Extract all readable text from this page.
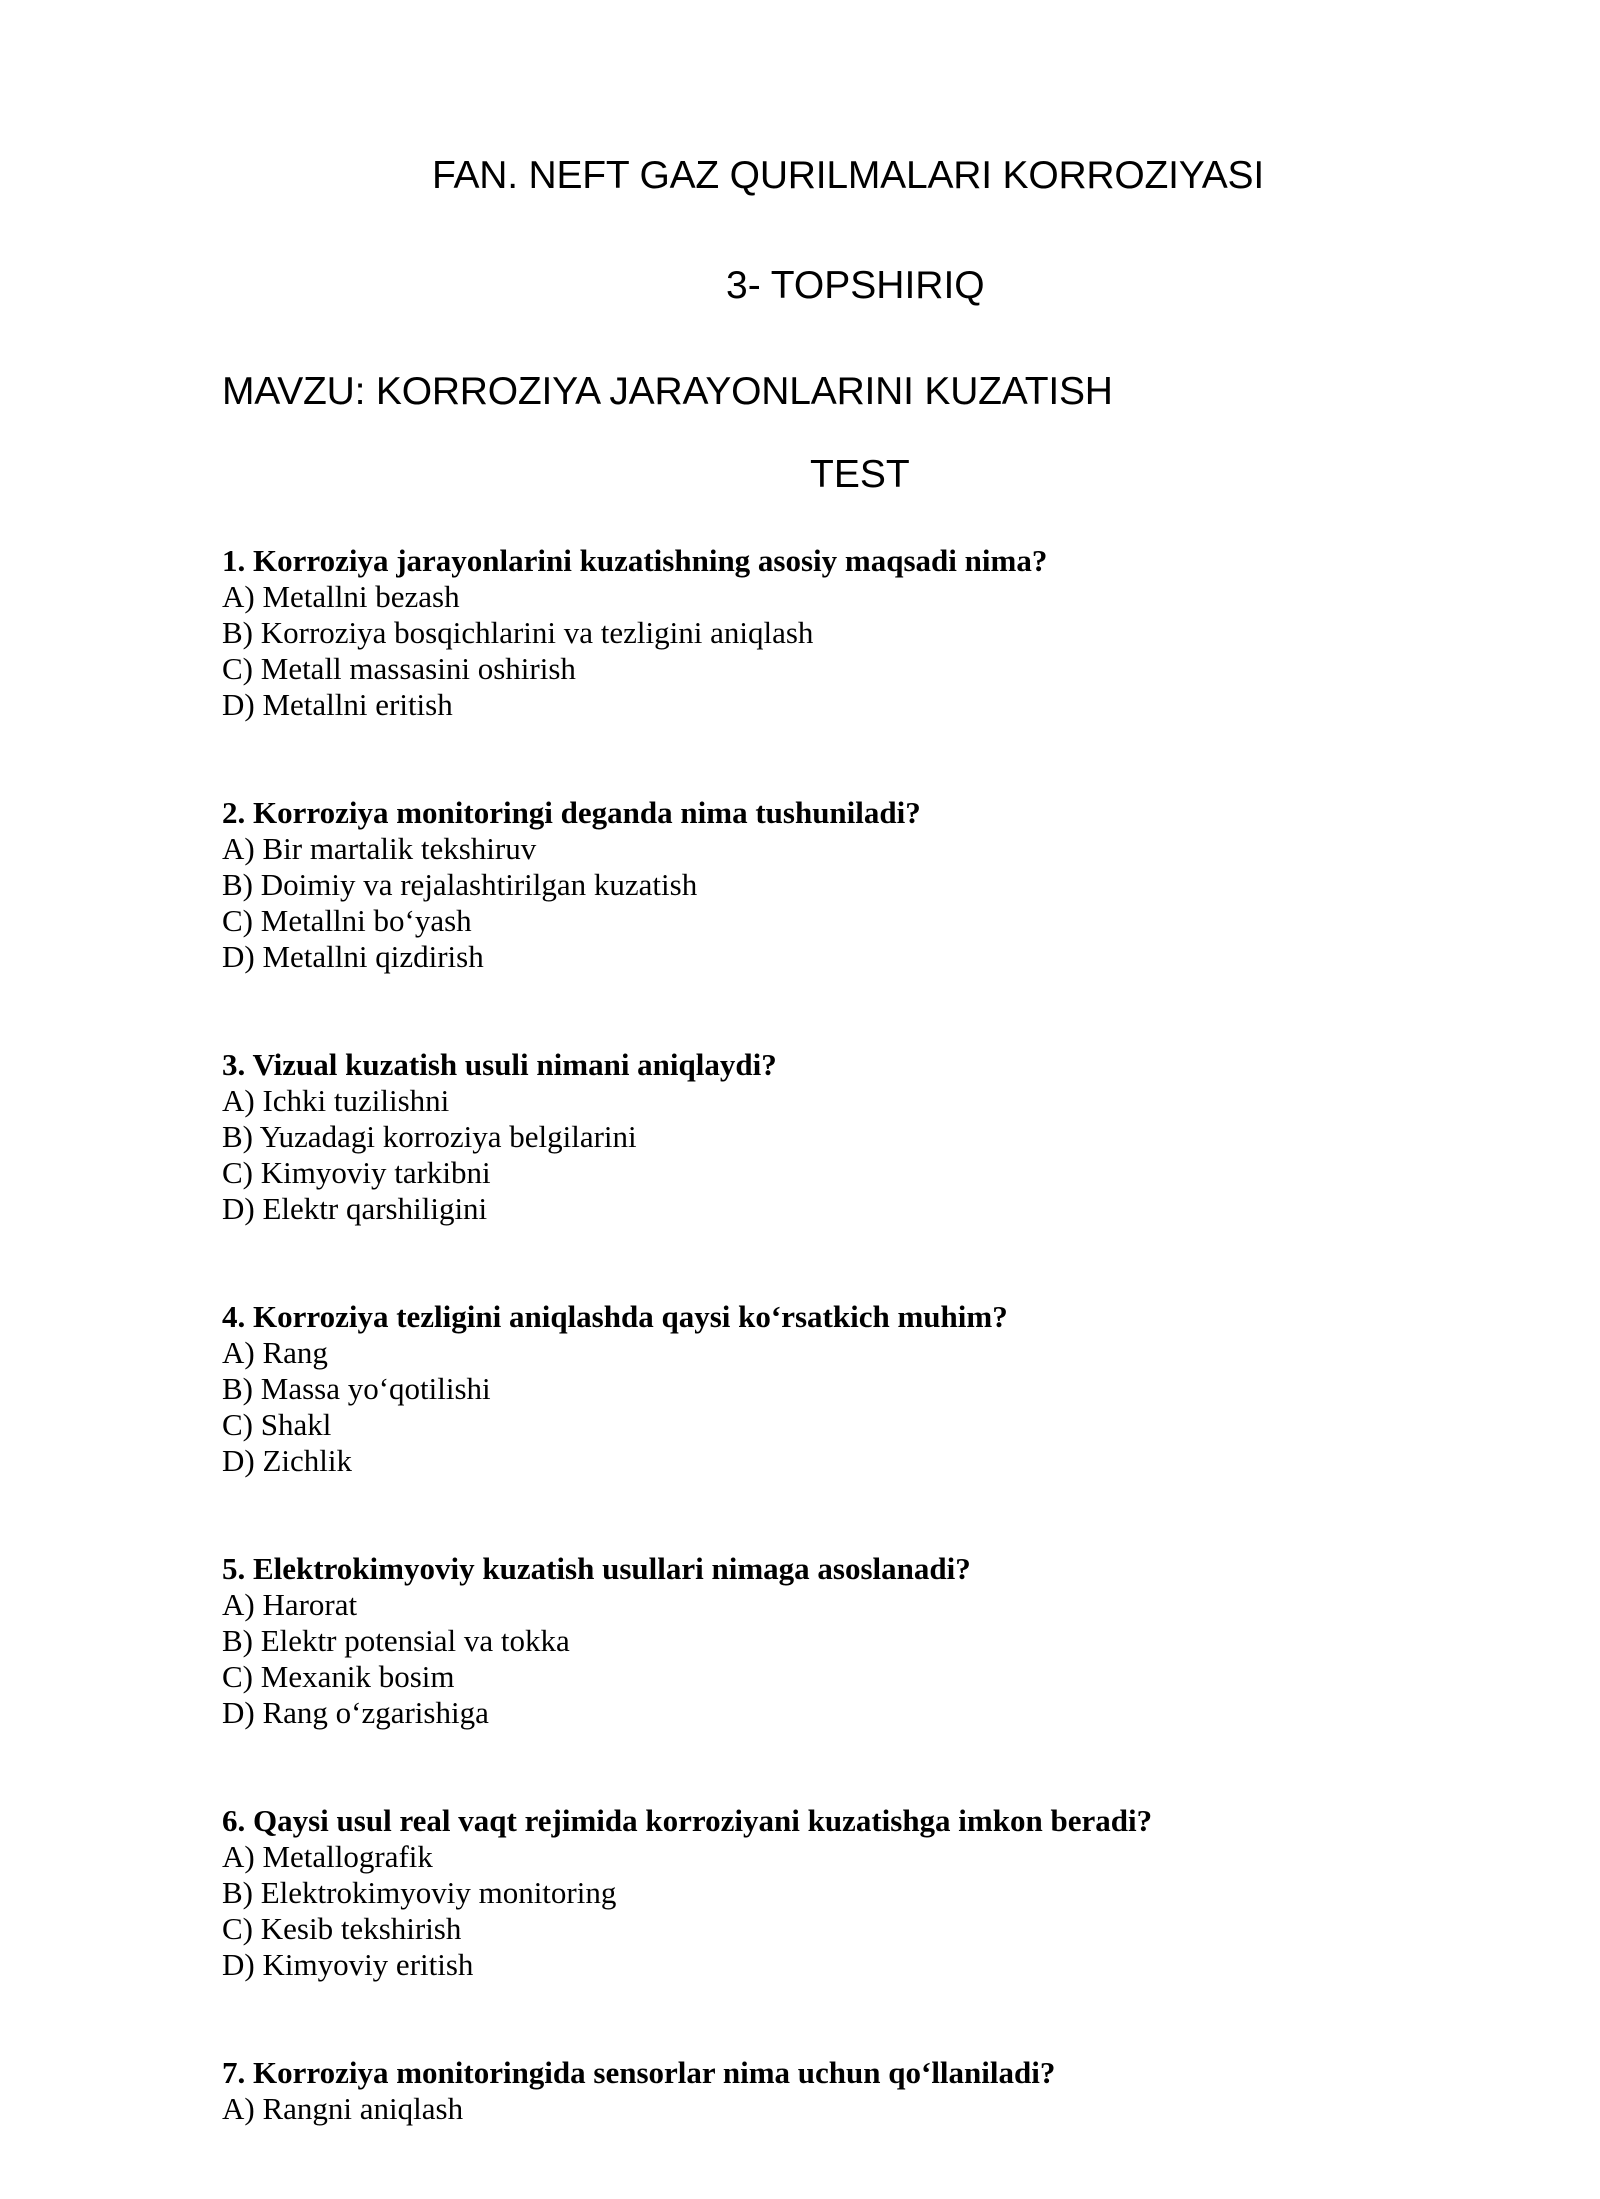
FAN. NEFT GAZ QURILMALARI KORROZIYASI
3- TOPSHIRIQ
MAVZU: KORROZIYA JARAYONLARINI KUZATISH
TEST
1. Korroziya jarayonlarini kuzatishning asosiy maqsadi nima?
A) Metallni bezash
B) Korroziya bosqichlarini va tezligini aniqlash
C) Metall massasini oshirish
D) Metallni eritish
2. Korroziya monitoringi deganda nima tushuniladi?
A) Bir martalik tekshiruv
B) Doimiy va rejalashtirilgan kuzatish
C) Metallni bo‘yash
D) Metallni qizdirish
3. Vizual kuzatish usuli nimani aniqlaydi?
A) Ichki tuzilishni
B) Yuzadagi korroziya belgilarini
C) Kimyoviy tarkibni
D) Elektr qarshiligini
4. Korroziya tezligini aniqlashda qaysi ko‘rsatkich muhim?
A) Rang
B) Massa yo‘qotilishi
C) Shakl
D) Zichlik
5. Elektrokimyoviy kuzatish usullari nimaga asoslanadi?
A) Harorat
B) Elektr potensial va tokka
C) Mexanik bosim
D) Rang o‘zgarishiga
6. Qaysi usul real vaqt rejimida korroziyani kuzatishga imkon beradi?
A) Metallografik
B) Elektrokimyoviy monitoring
C) Kesib tekshirish
D) Kimyoviy eritish
7. Korroziya monitoringida sensorlar nima uchun qo‘llaniladi?
A) Rangni aniqlash
